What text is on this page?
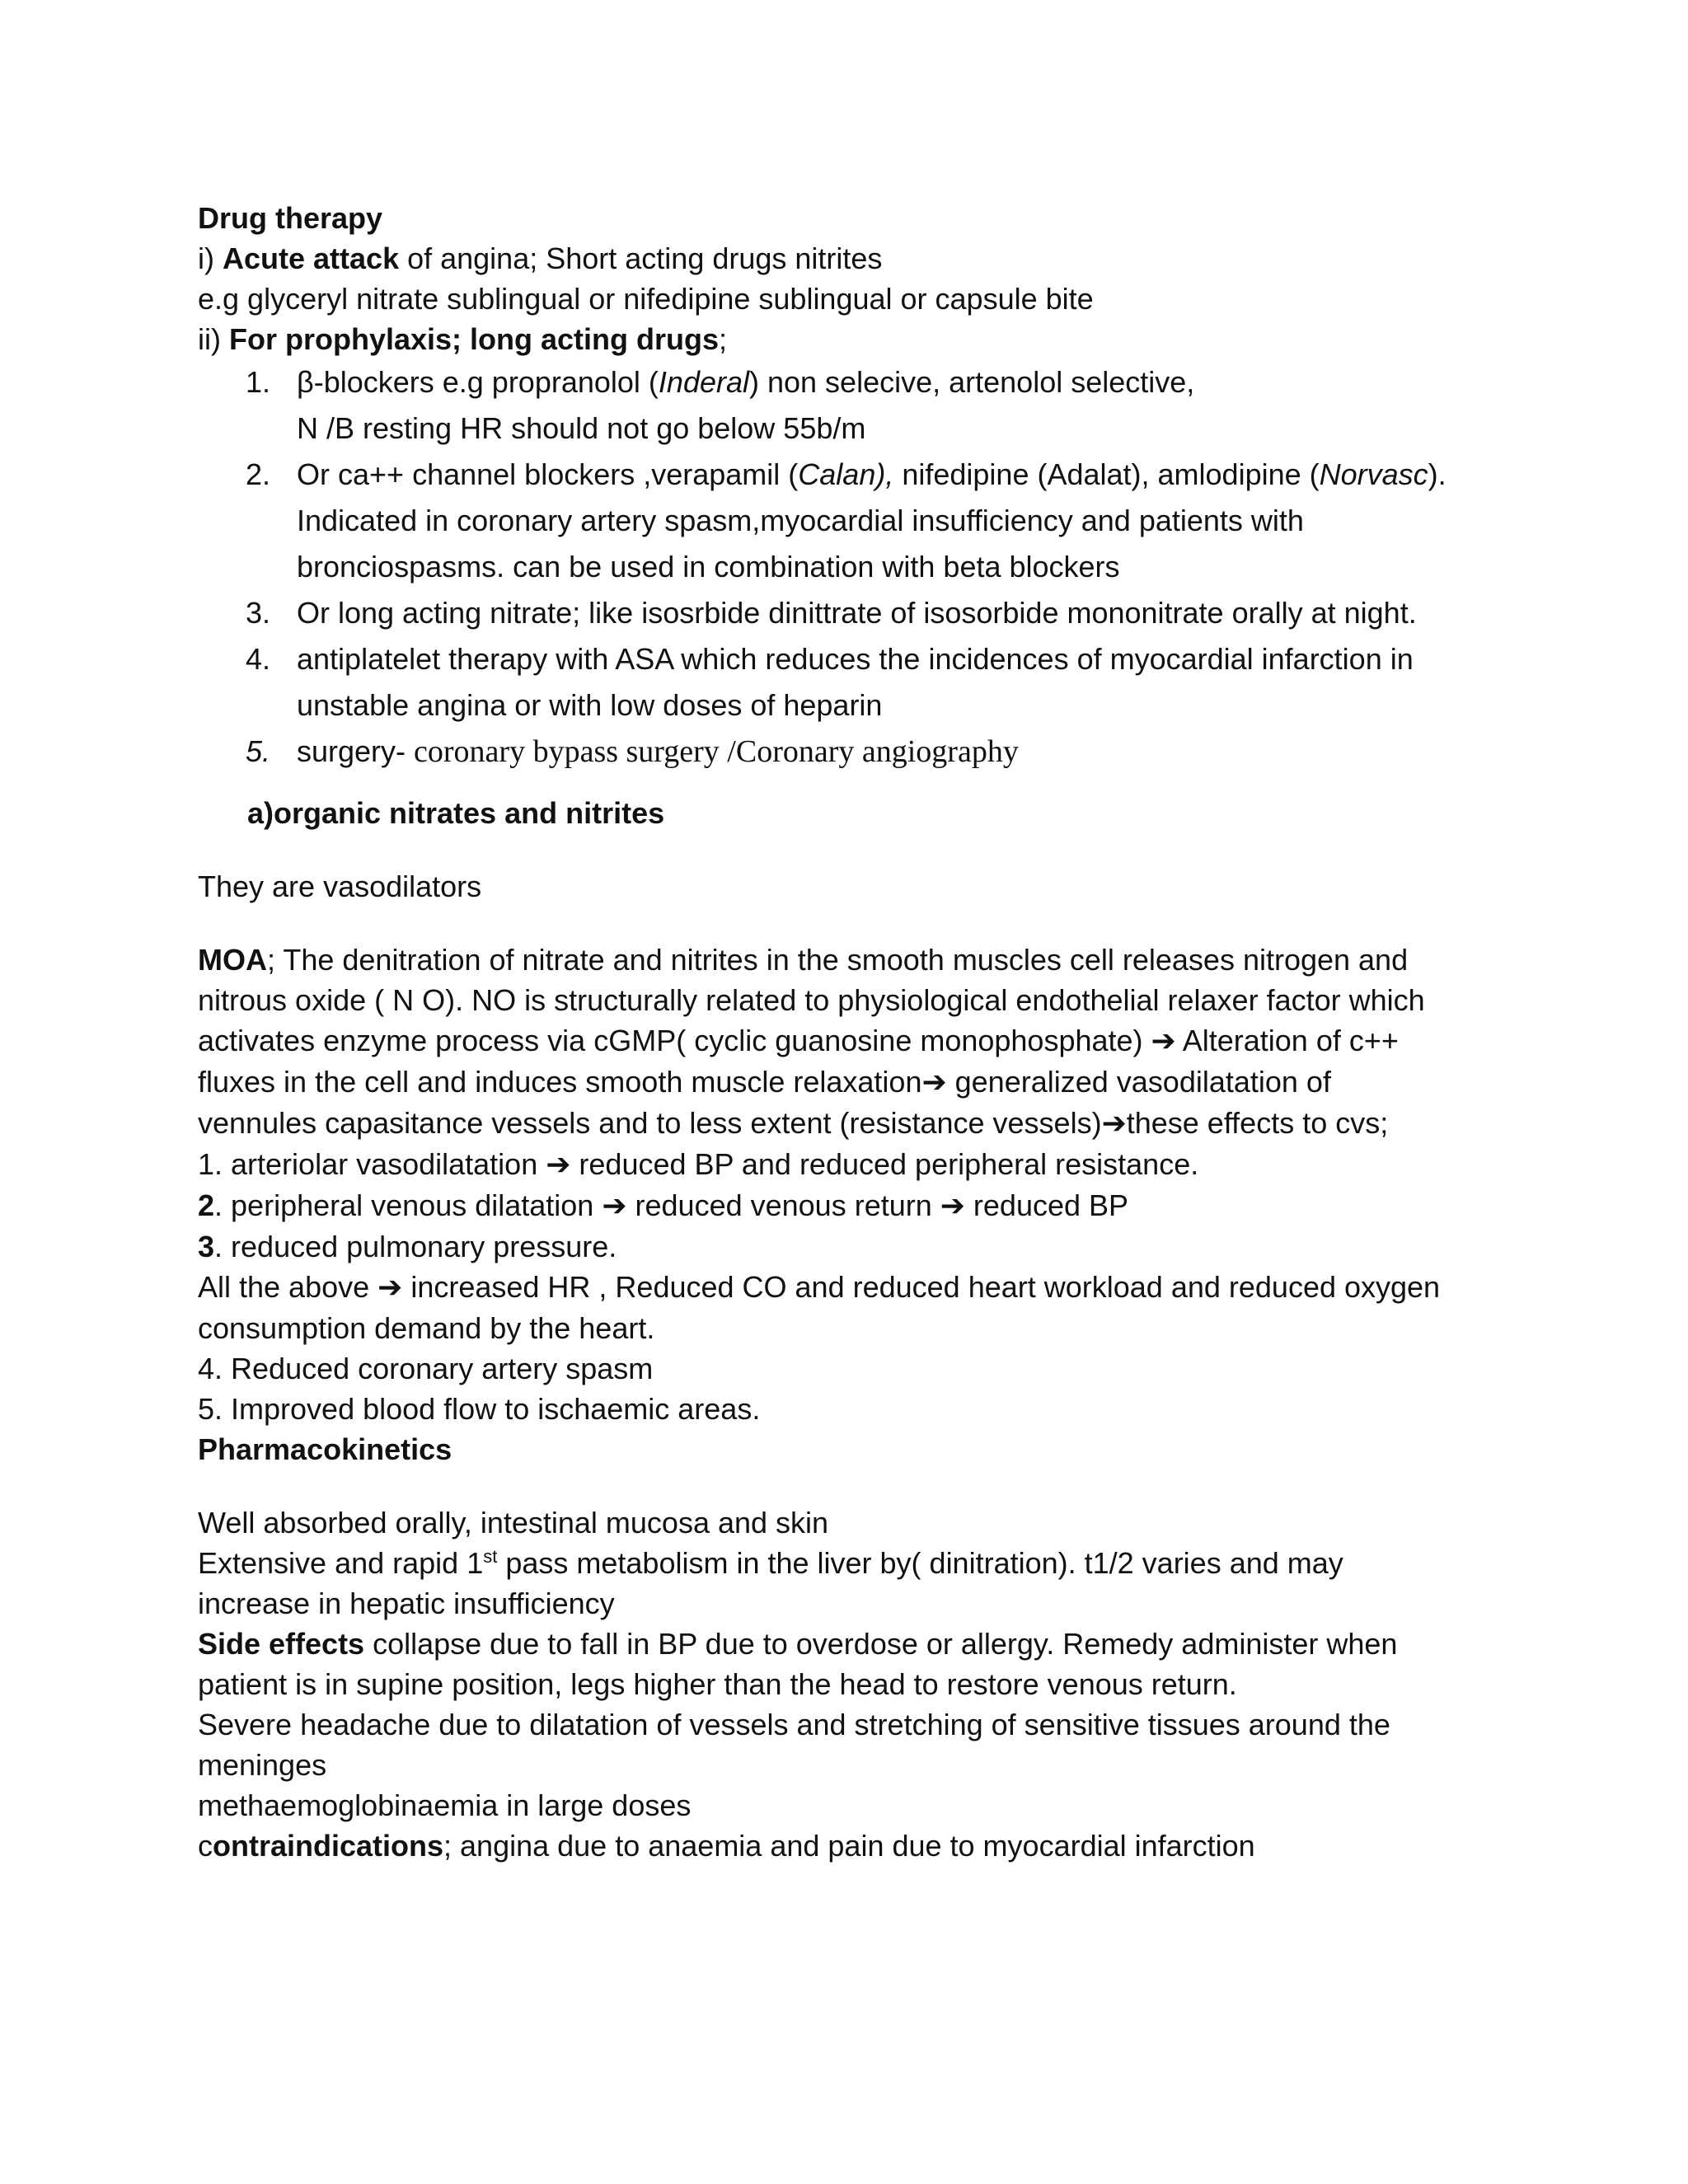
Drug therapy
i) Acute attack of angina; Short acting drugs nitrites
e.g glyceryl nitrate sublingual or nifedipine sublingual or capsule bite
ii) For prophylaxis; long acting drugs;
1. β-blockers e.g propranolol (Inderal) non selecive, artenolol selective,
N /B resting HR should not go below 55b/m
2. Or ca++ channel blockers ,verapamil (Calan), nifedipine (Adalat), amlodipine (Norvasc).
Indicated in coronary artery spasm,myocardial insufficiency and patients with
bronciospasms. can be used in combination with beta blockers
3. Or long acting nitrate; like isosrbide dinittrate of isosorbide mononitrate orally at night.
4. antiplatelet therapy with ASA which reduces the incidences of myocardial infarction in
unstable angina or with low doses of heparin
5. surgery- coronary bypass surgery /Coronary angiography
a)organic nitrates and nitrites
They are vasodilators
MOA; The denitration of nitrate and nitrites in the smooth muscles cell releases nitrogen and
nitrous oxide ( N O). NO is structurally related to physiological endothelial relaxer factor which
activates enzyme process via cGMP( cyclic guanosine monophosphate) ➔ Alteration of c++
fluxes in the cell and induces smooth muscle relaxation➔ generalized vasodilatation of
vennules capasitance vessels and to less extent (resistance vessels)➔these effects to cvs;
1. arteriolar vasodilatation ➔ reduced BP and reduced peripheral resistance.
2. peripheral venous dilatation ➔ reduced venous return ➔ reduced BP
3. reduced pulmonary pressure.
All the above ➔ increased HR , Reduced CO and reduced heart workload and reduced oxygen
consumption demand by the heart.
4. Reduced coronary artery spasm
5. Improved blood flow to ischaemic areas.
Pharmacokinetics
Well absorbed orally, intestinal mucosa and skin
Extensive and rapid 1st pass metabolism in the liver by( dinitration). t1/2 varies and may
increase in hepatic insufficiency
Side effects collapse due to fall in BP due to overdose or allergy. Remedy administer when
patient is in supine position, legs higher than the head to restore venous return.
Severe headache due to dilatation of vessels and stretching of sensitive tissues around the
meninges
methaemoglobinaemia in large doses
contraindications; angina due to anaemia and pain due to myocardial infarction
